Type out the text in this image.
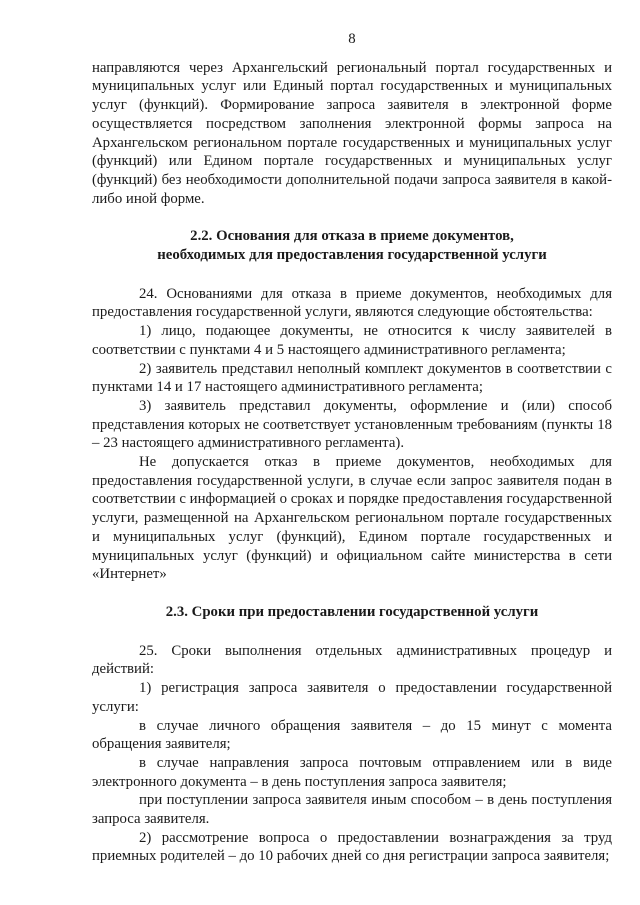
8

направляются через Архангельский региональный портал государственных и муниципальных услуг или Единый портал государственных и муниципальных услуг (функций). Формирование запроса заявителя в электронной форме осуществляется посредством заполнения электронной формы запроса на Архангельском региональном портале государственных и муниципальных услуг (функций) или Едином портале государственных и муниципальных услуг (функций) без необходимости дополнительной подачи запроса заявителя в какой-либо иной форме.

2.2. Основания для отказа в приеме документов,
необходимых для предоставления государственной услуги

24. Основаниями для отказа в приеме документов, необходимых для предоставления государственной услуги, являются следующие обстоятельства:

1) лицо, подающее документы, не относится к числу заявителей в соответствии с пунктами 4 и 5 настоящего административного регламента;

2) заявитель представил неполный комплект документов в соответствии с пунктами 14 и 17 настоящего административного регламента;

3) заявитель представил документы, оформление и (или) способ представления которых не соответствует установленным требованиям (пункты 18 – 23 настоящего административного регламента).

Не допускается отказ в приеме документов, необходимых для предоставления государственной услуги, в случае если запрос заявителя подан в соответствии с информацией о сроках и порядке предоставления государственной услуги, размещенной на Архангельском региональном портале государственных и муниципальных услуг (функций), Едином портале государственных и муниципальных услуг (функций) и официальном сайте министерства в сети «Интернет»

2.3. Сроки при предоставлении государственной услуги

25. Сроки выполнения отдельных административных процедур и действий:

1) регистрация запроса заявителя о предоставлении государственной услуги:

в случае личного обращения заявителя – до 15 минут с момента обращения заявителя;

в случае направления запроса почтовым отправлением или в виде электронного документа – в день поступления запроса заявителя;

при поступлении запроса заявителя иным способом – в день поступления запроса заявителя.

2) рассмотрение вопроса о предоставлении вознаграждения за труд приемных родителей – до 10 рабочих дней со дня регистрации запроса заявителя;
